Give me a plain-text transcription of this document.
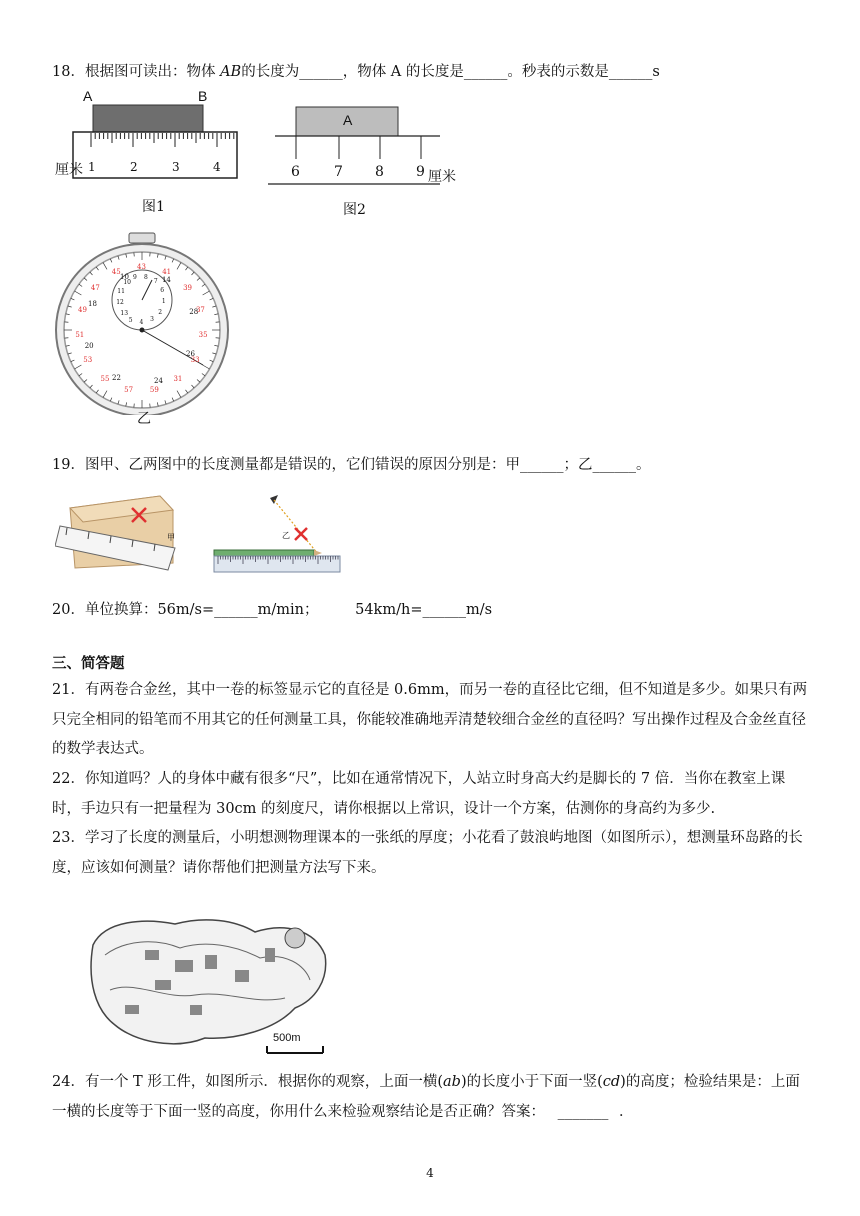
18．根据图可读出：物体 AB的长度为______，物体 A 的长度是______。秒表的示数是______s
A	B
厘米 1	2	3	4
图1
A
6 7 8 9 厘米
图2
57
55
53
51
49
47
45
43
41
39
37
35
33
31
59
26
24
22
20
18
10	14
28
13
12
11
10
9 8
7
6
1
2
3
4
5
乙
19．图甲、乙两图中的长度测量都是错误的，它们错误的原因分别是：甲______；乙______。
甲	乙
20．单位换算：56m/s=______m/min；	54km/h=______m/s
三、简答题
21．有两卷合金丝，其中一卷的标签显示它的直径是 0.6mm，而另一卷的直径比它细，但不知道是多少。如果只有两只完全相同的铅笔而不用其它的任何测量工具，你能较准确地弄清楚较细合金丝的直径吗？写出操作过程及合金丝直径的数学表达式。
22．你知道吗？人的身体中藏有很多“尺”，比如在通常情况下，人站立时身高大约是脚长的 7 倍．当你在教室上课时，手边只有一把量程为 30cm 的刻度尺，请你根据以上常识，设计一个方案，估测你的身高约为多少.
23．学习了长度的测量后，小明想测物理课本的一张纸的厚度；小花看了鼓浪屿地图（如图所示），想测量环岛路的长度，应该如何测量？请你帮他们把测量方法写下来。
500m
24．有一个 T 形工件，如图所示．根据你的观察，上面一横(ab)的长度小于下面一竖(cd)的高度；检验结果是：上面一横的长度等于下面一竖的高度，你用什么来检验观察结论是否正确？答案： _______ ．
4
